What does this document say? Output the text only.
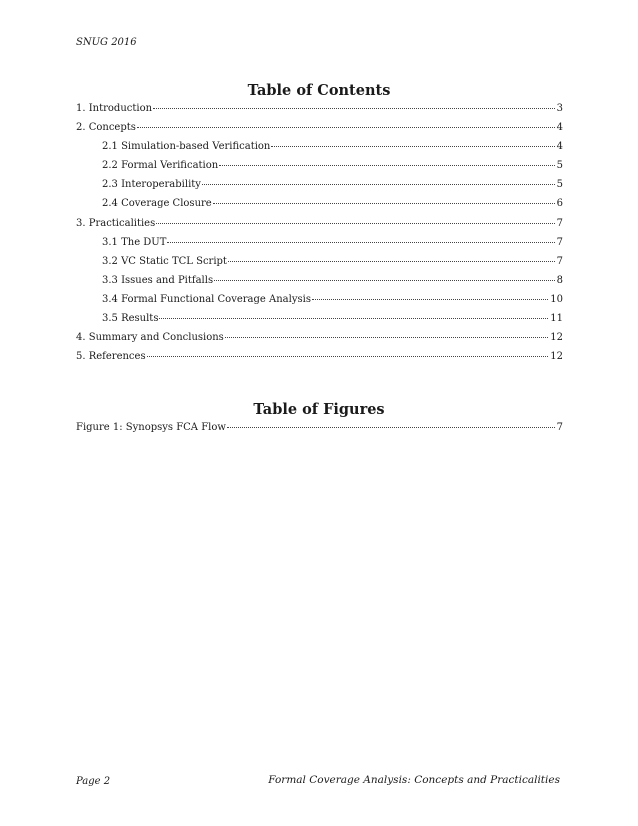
SNUG 2016
Table of Contents
1. Introduction	3
2. Concepts	4
2.1 Simulation-based Verification	4
2.2 Formal Verification	5
2.3 Interoperability	5
2.4 Coverage Closure	6
3. Practicalities	7
3.1 The DUT	7
3.2 VC Static TCL Script	7
3.3 Issues and Pitfalls	8
3.4 Formal Functional Coverage Analysis	10
3.5 Results	11
4. Summary and Conclusions	12
5. References	12
Table of Figures
Figure 1: Synopsys FCA Flow	7
Page 2	Formal Coverage Analysis: Concepts and Practicalities
